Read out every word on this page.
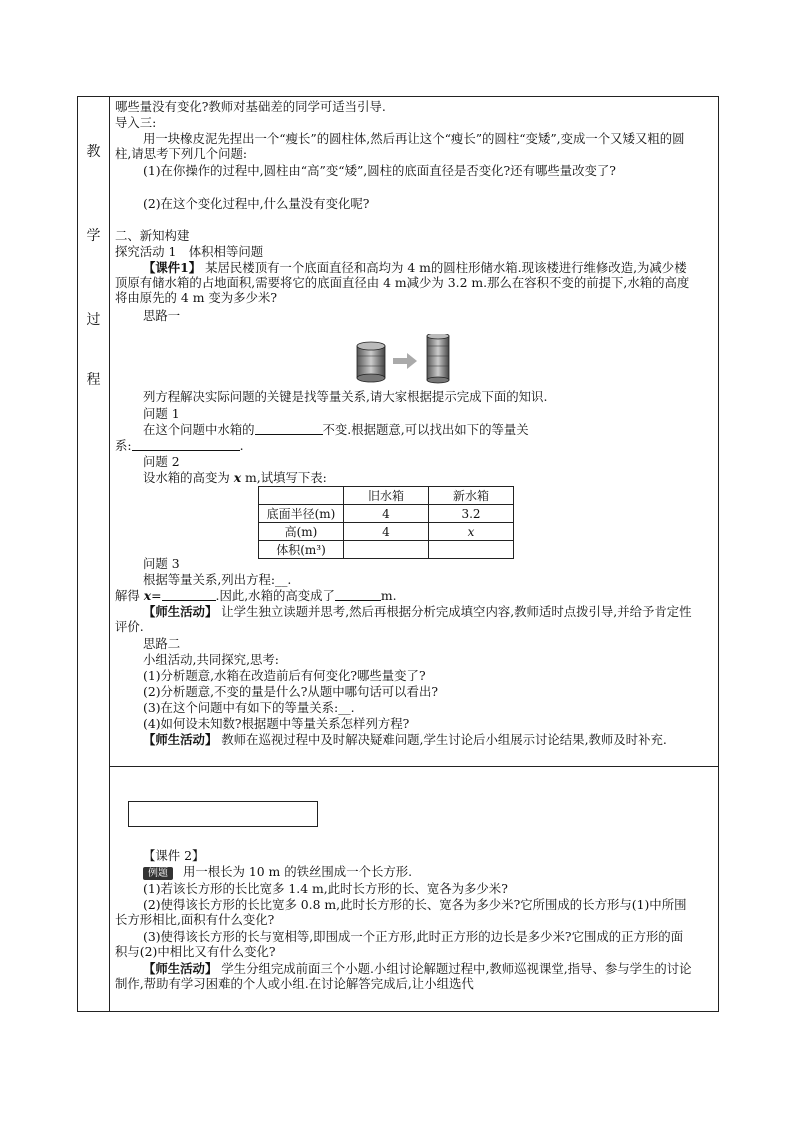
教
学
过
程
哪些量没有变化?教师对基础差的同学可适当引导.
导入三:
用一块橡皮泥先捏出一个“瘦长”的圆柱体,然后再让这个“瘦长”的圆柱“变矮”,变成一个又矮又粗的圆柱,请思考下列几个问题:
(1)在你操作的过程中,圆柱由“高”变“矮”,圆柱的底面直径是否变化?还有哪些量改变了?
(2)在这个变化过程中,什么量没有变化呢?
二、新知构建
探究活动 1　体积相等问题
【课件1】 某居民楼顶有一个底面直径和高均为 4 m的圆柱形储水箱.现该楼进行维修改造,为减少楼顶原有储水箱的占地面积,需要将它的底面直径由 4 m减少为 3.2 m.那么在容积不变的前提下,水箱的高度将由原先的 4 m 变为多少米?
思路一
列方程解决实际问题的关键是找等量关系,请大家根据提示完成下面的知识.
问题 1
在这个问题中水箱的	不变.根据题意,可以找出如下的等量关
系:	.
问题 2
设水箱的高变为 x m,试填写下表:
	旧水箱	新水箱
底面半径(m)	4	3.2
高(m)	4	x
体积(m³)		
问题 3
根据等量关系,列出方程:__.
解得 x=	.因此,水箱的高变成了	m.
【师生活动】 让学生独立读题并思考,然后再根据分析完成填空内容,教师适时点拨引导,并给予肯定性评价.
思路二
小组活动,共同探究,思考:
(1)分析题意,水箱在改造前后有何变化?哪些量变了?
(2)分析题意,不变的量是什么?从题中哪句话可以看出?
(3)在这个问题中有如下的等量关系:__.
(4)如何设未知数?根据题中等量关系怎样列方程?
【师生活动】 教师在巡视过程中及时解决疑难问题,学生讨论后小组展示讨论结果,教师及时补充.
【课件 2】
例题 用一根长为 10 m 的铁丝围成一个长方形.
(1)若该长方形的长比宽多 1.4 m,此时长方形的长、宽各为多少米?
(2)使得该长方形的长比宽多 0.8 m,此时长方形的长、宽各为多少米?它所围成的长方形与(1)中所围长方形相比,面积有什么变化?
(3)使得该长方形的长与宽相等,即围成一个正方形,此时正方形的边长是多少米?它围成的正方形的面积与(2)中相比又有什么变化?
【师生活动】 学生分组完成前面三个小题.小组讨论解题过程中,教师巡视课堂,指导、参与学生的讨论制作,帮助有学习困难的个人或小组.在讨论解答完成后,让小组选代
